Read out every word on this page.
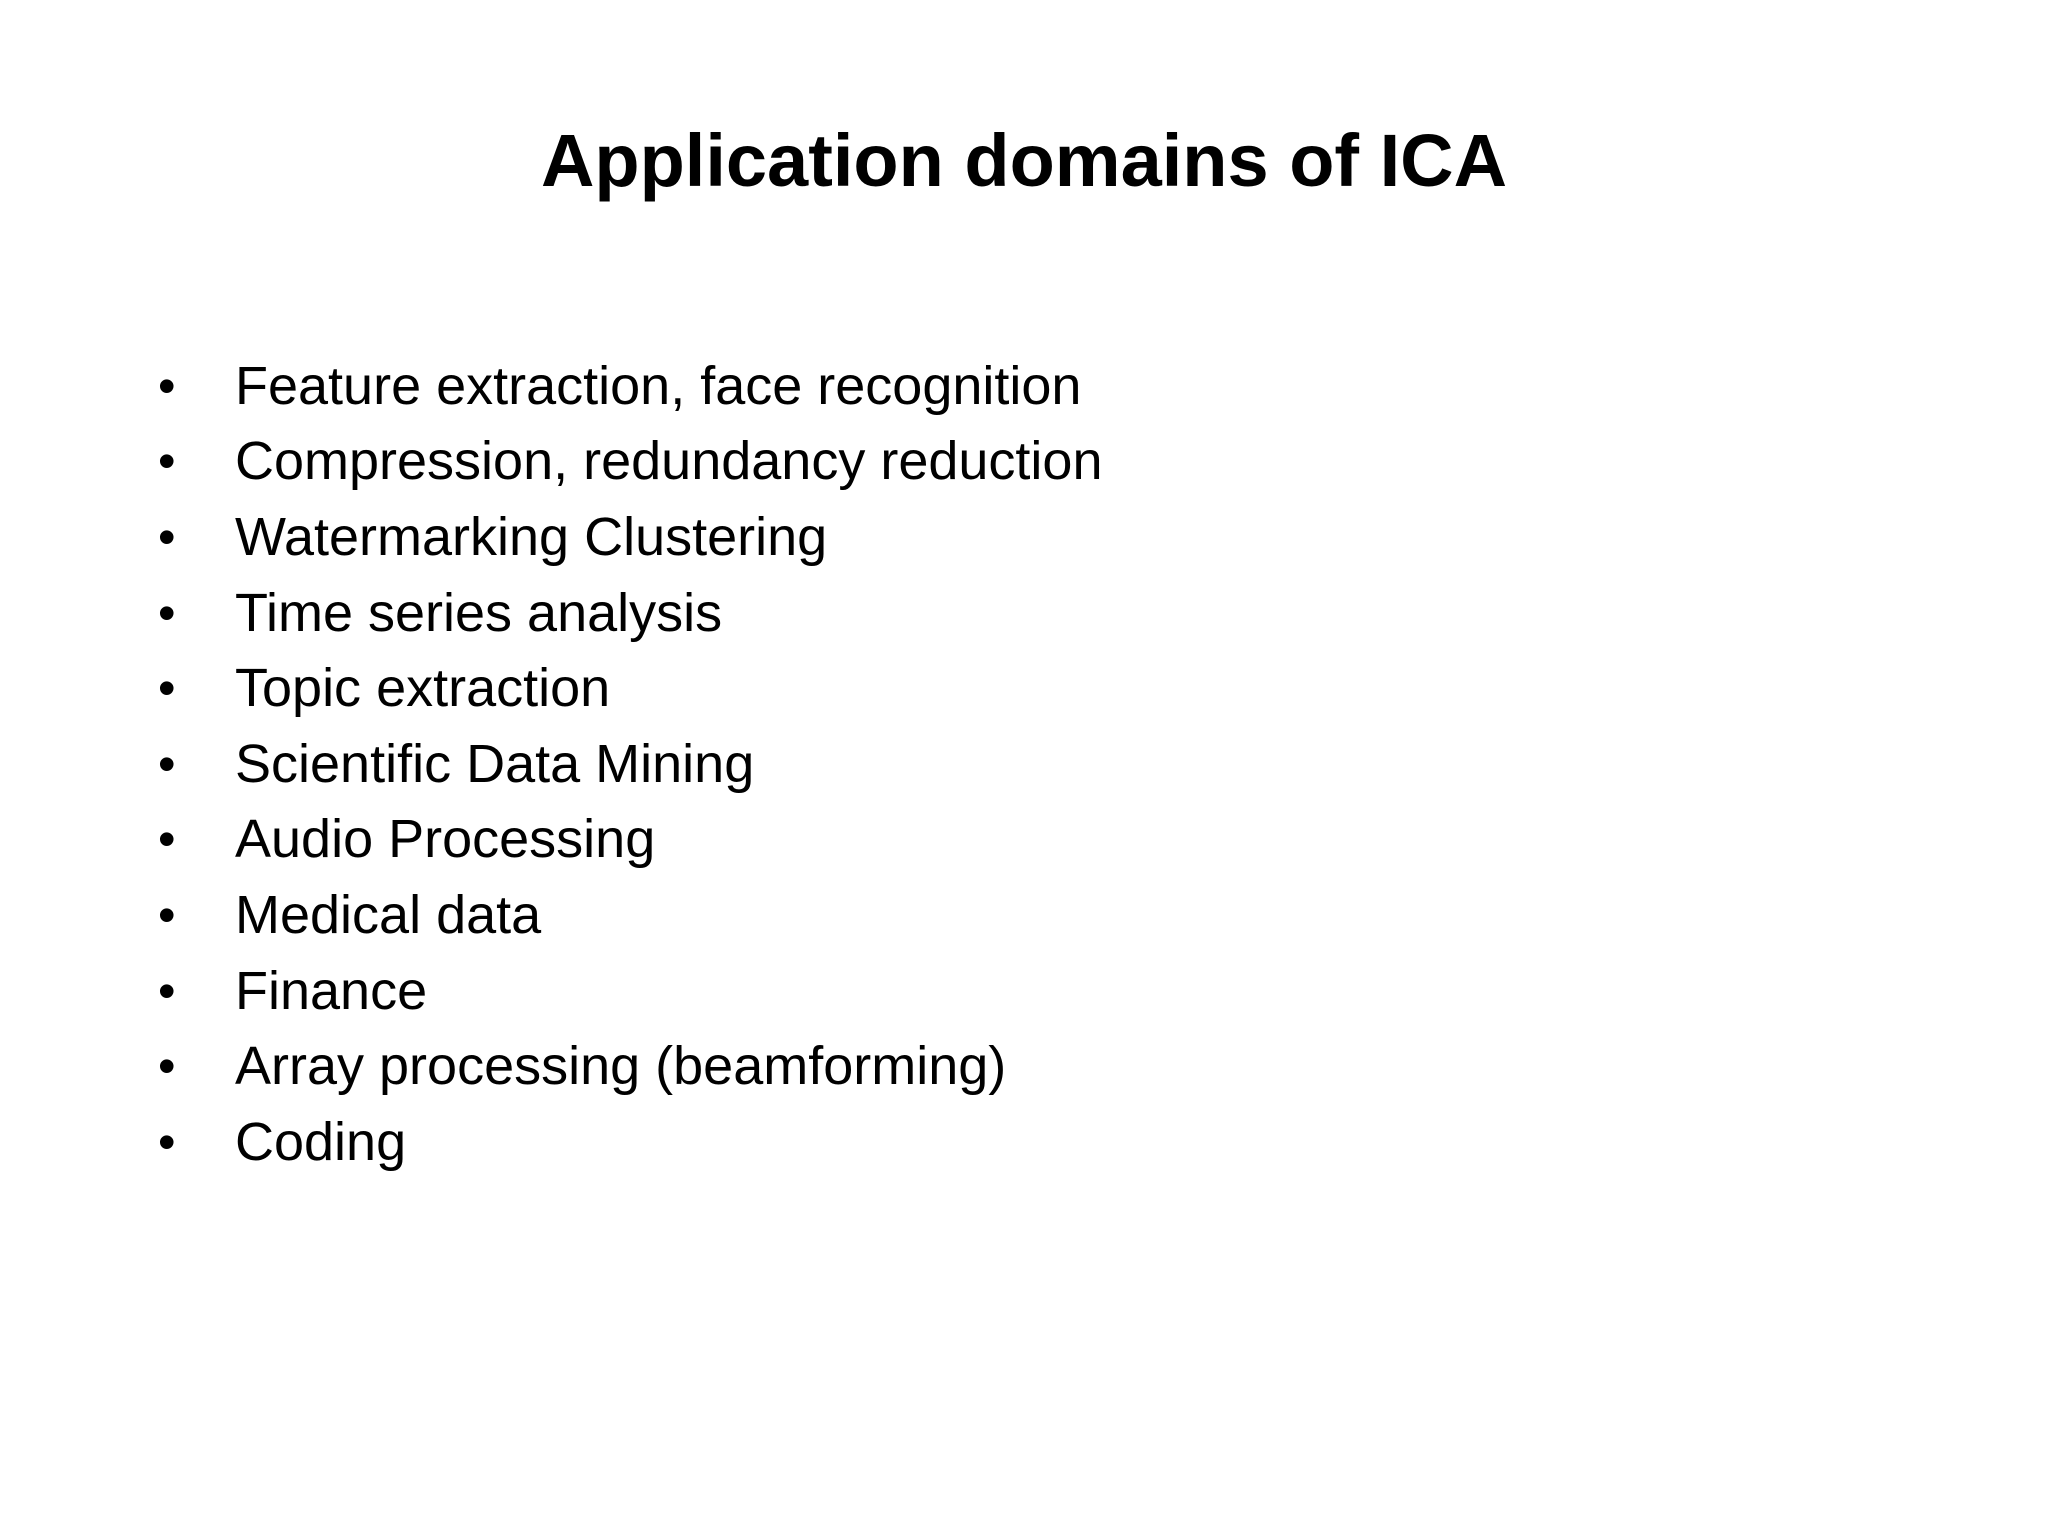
Application domains of ICA
• Feature extraction, face recognition
• Compression, redundancy reduction
• Watermarking Clustering
• Time series analysis
• Topic extraction
• Scientific Data Mining
• Audio Processing
• Medical data
• Finance
• Array processing (beamforming)
• Coding
